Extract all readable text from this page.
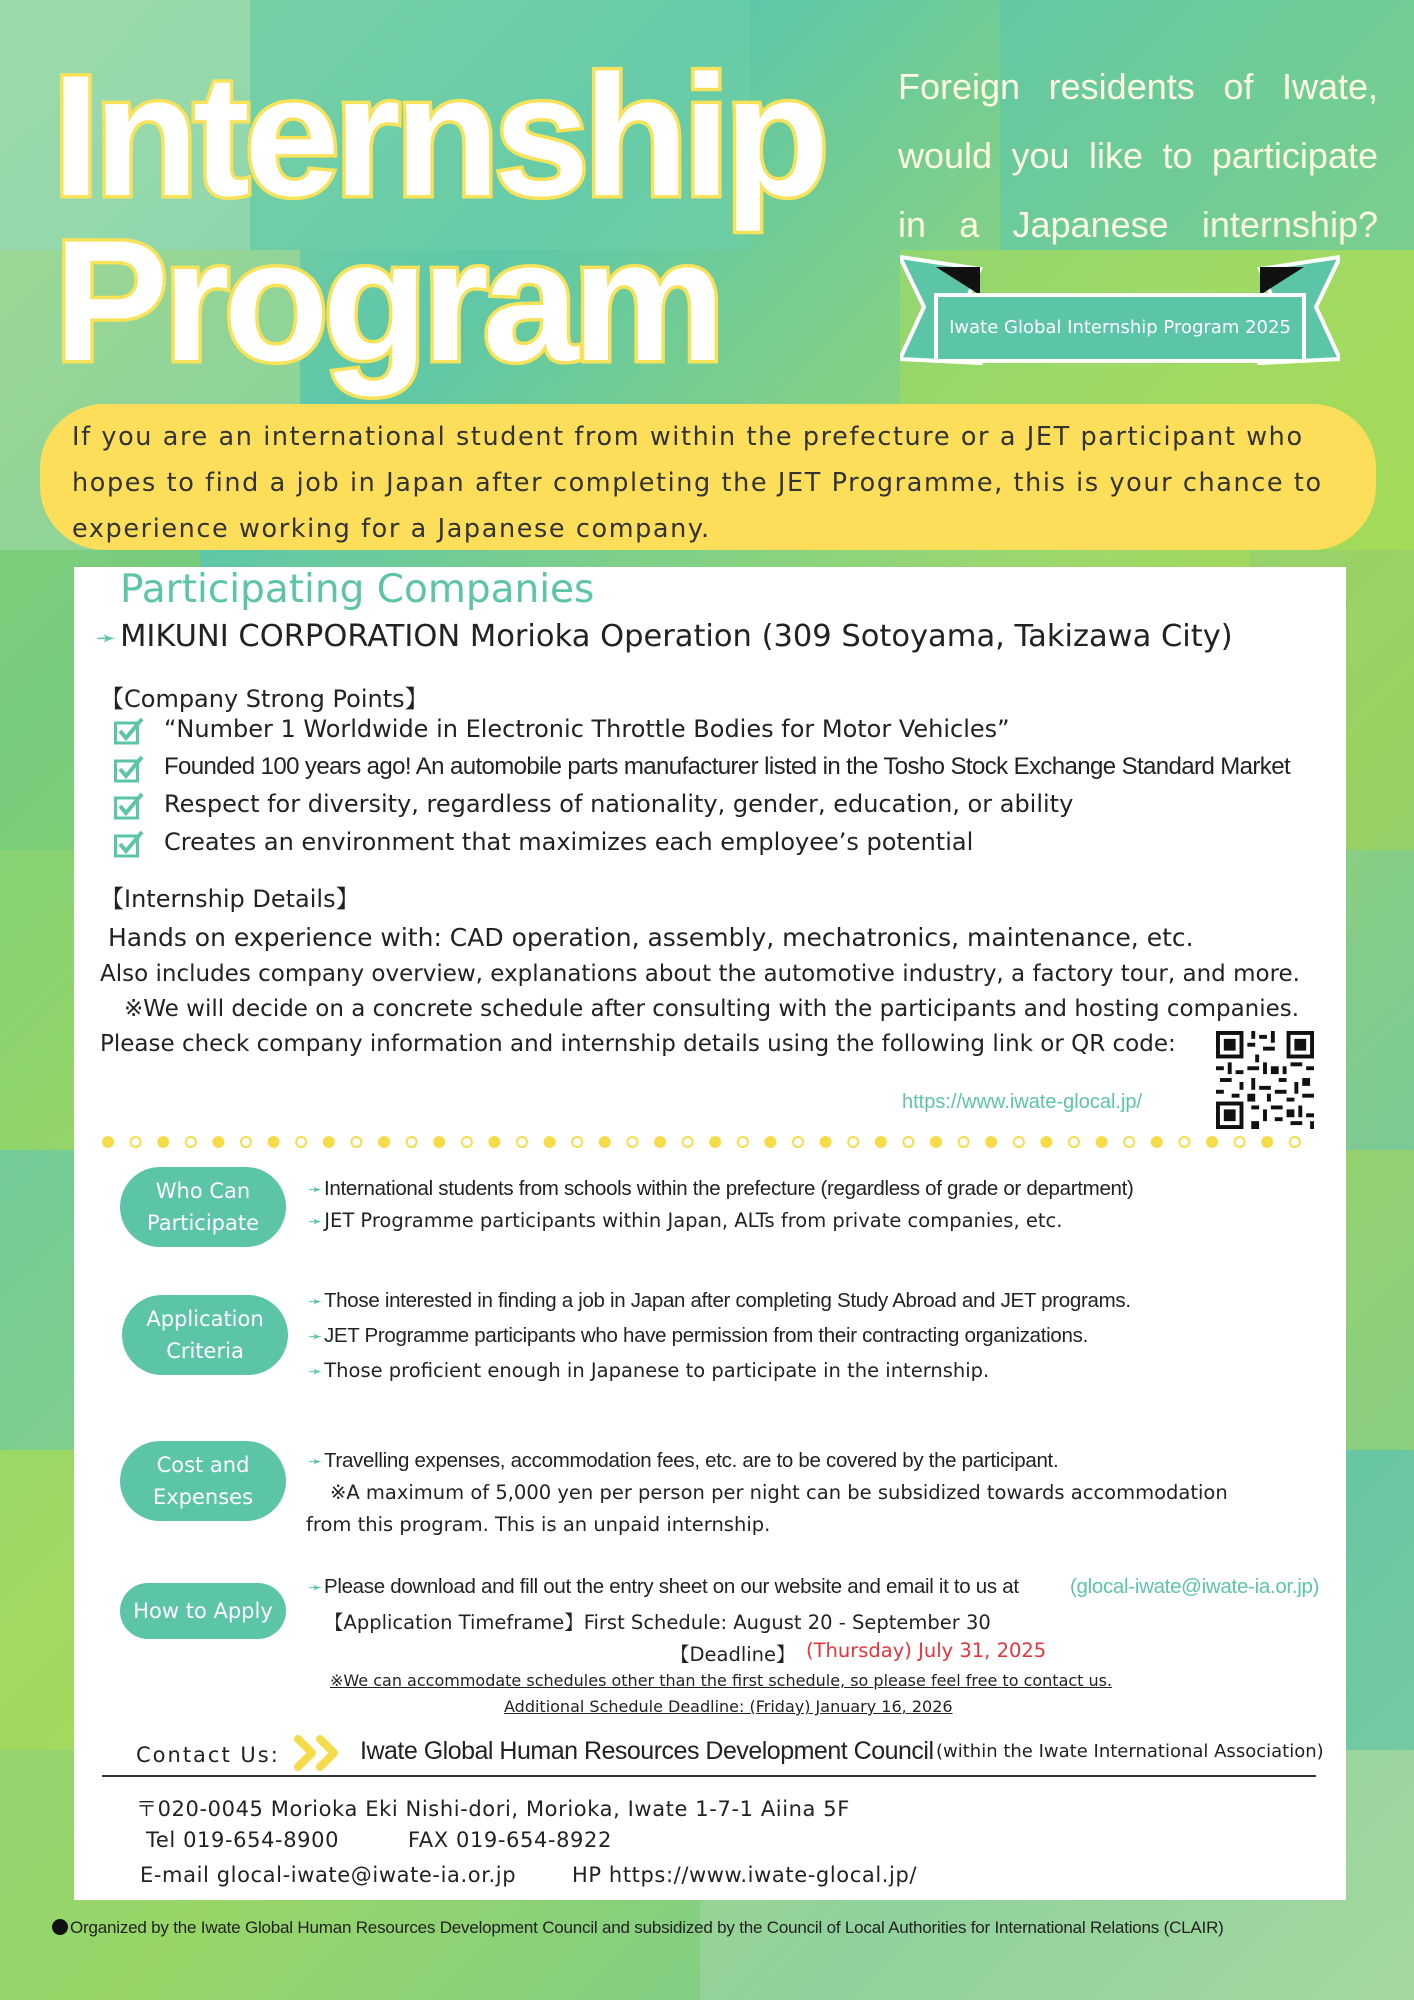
Internship
Program
Foreign residents of Iwate, would you like to participate in a Japanese internship?
Iwate Global Internship Program 2025
If you are an international student from within the prefecture or a JET participant who hopes to find a job in Japan after completing the JET Programme, this is your chance to experience working for a Japanese company.
Participating Companies
➛ MIKUNI CORPORATION Morioka Operation (309 Sotoyama, Takizawa City)
【Company Strong Points】
“Number 1 Worldwide in Electronic Throttle Bodies for Motor Vehicles”
Founded 100 years ago! An automobile parts manufacturer listed in the Tosho Stock Exchange Standard Market
Respect for diversity, regardless of nationality, gender, education, or ability
Creates an environment that maximizes each employee’s potential
【Internship Details】
Hands on experience with: CAD operation, assembly, mechatronics, maintenance, etc.
Also includes company overview, explanations about the automotive industry, a factory tour, and more.
※We will decide on a concrete schedule after consulting with the participants and hosting companies.
Please check company information and internship details using the following link or QR code:
https://www.iwate-glocal.jp/
Who Can
Participate
➛International students from schools within the prefecture (regardless of grade or department)
➛ JET Programme participants within Japan, ALTs from private companies, etc.
Application
Criteria
➛Those interested in finding a job in Japan after completing Study Abroad and JET programs.
➛JET Programme participants who have permission from their contracting organizations.
➛ Those proficient enough in Japanese to participate in the internship.
Cost and
Expenses
➛Travelling expenses, accommodation fees, etc. are to be covered by the participant.
※A maximum of 5,000 yen per person per night can be subsidized towards accommodation
from this program. This is an unpaid internship.
How to Apply
➛Please download and fill out the entry sheet on our website and email it to us at	(glocal-iwate@iwate-ia.or.jp)
【Application Timeframe】First Schedule: August 20 - September 30
【Deadline】 (Thursday) July 31, 2025
※We can accommodate schedules other than the first schedule, so please feel free to contact us.
Additional Schedule Deadline: (Friday) January 16, 2026
Contact Us:	Iwate Global Human Resources Development Council (within the Iwate International Association)
〒020-0045 Morioka Eki Nishi-dori, Morioka, Iwate 1-7-1 Aiina 5F
Tel 019-654-8900	FAX 019-654-8922
E-mail glocal-iwate@iwate-ia.or.jp	HP https://www.iwate-glocal.jp/
Organized by the Iwate Global Human Resources Development Council and subsidized by the Council of Local Authorities for International Relations (CLAIR)
